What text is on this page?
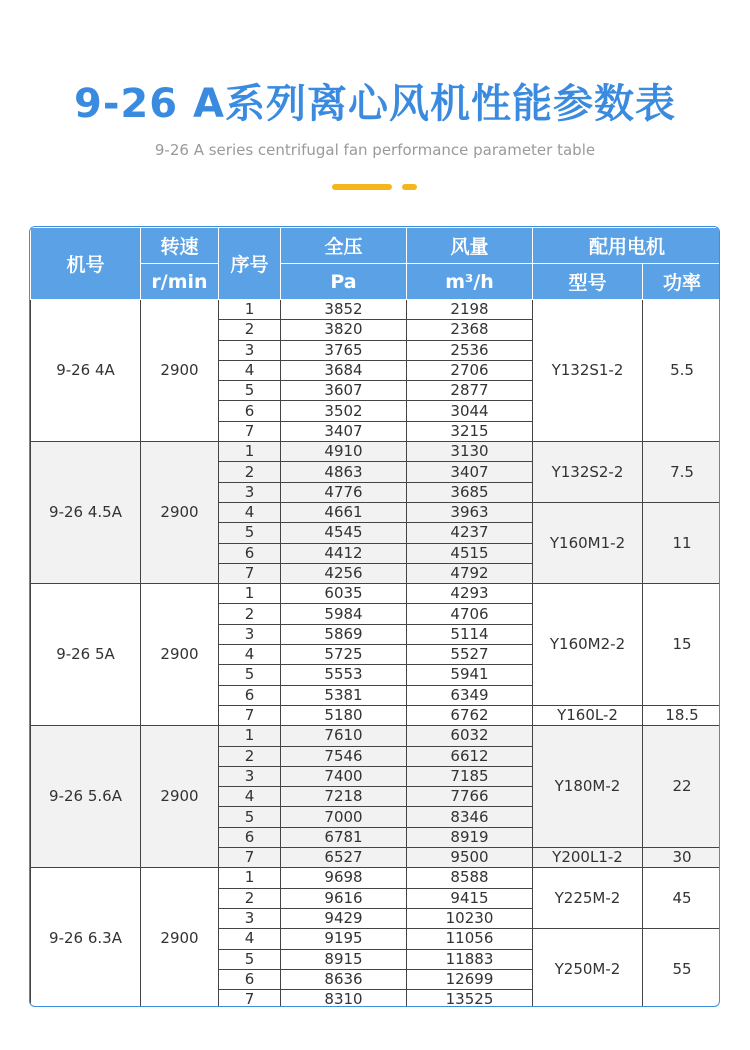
9-26 A系列离心风机性能参数表
9-26 A series centrifugal fan performance parameter table
机号	转速	序号	全压	风量	配用电机	
	r/min		Pa	m³/h	型号	功率
9-26 4A	2900	1	3852	2198	Y132S1-2	5.5
		2	3820	2368		
		3	3765	2536		
		4	3684	2706		
		5	3607	2877		
		6	3502	3044		
		7	3407	3215		
9-26 4.5A	2900	1	4910	3130	Y132S2-2	7.5
		2	4863	3407		
		3	4776	3685		
		4	4661	3963	Y160M1-2	11
		5	4545	4237		
		6	4412	4515		
		7	4256	4792		
9-26 5A	2900	1	6035	4293	Y160M2-2	15
		2	5984	4706		
		3	5869	5114		
		4	5725	5527		
		5	5553	5941		
		6	5381	6349		
		7	5180	6762	Y160L-2	18.5
9-26 5.6A	2900	1	7610	6032	Y180M-2	22
		2	7546	6612		
		3	7400	7185		
		4	7218	7766		
		5	7000	8346		
		6	6781	8919		
		7	6527	9500	Y200L1-2	30
9-26 6.3A	2900	1	9698	8588	Y225M-2	45
		2	9616	9415		
		3	9429	10230		
		4	9195	11056	Y250M-2	55
		5	8915	11883		
		6	8636	12699		
		7	8310	13525		
